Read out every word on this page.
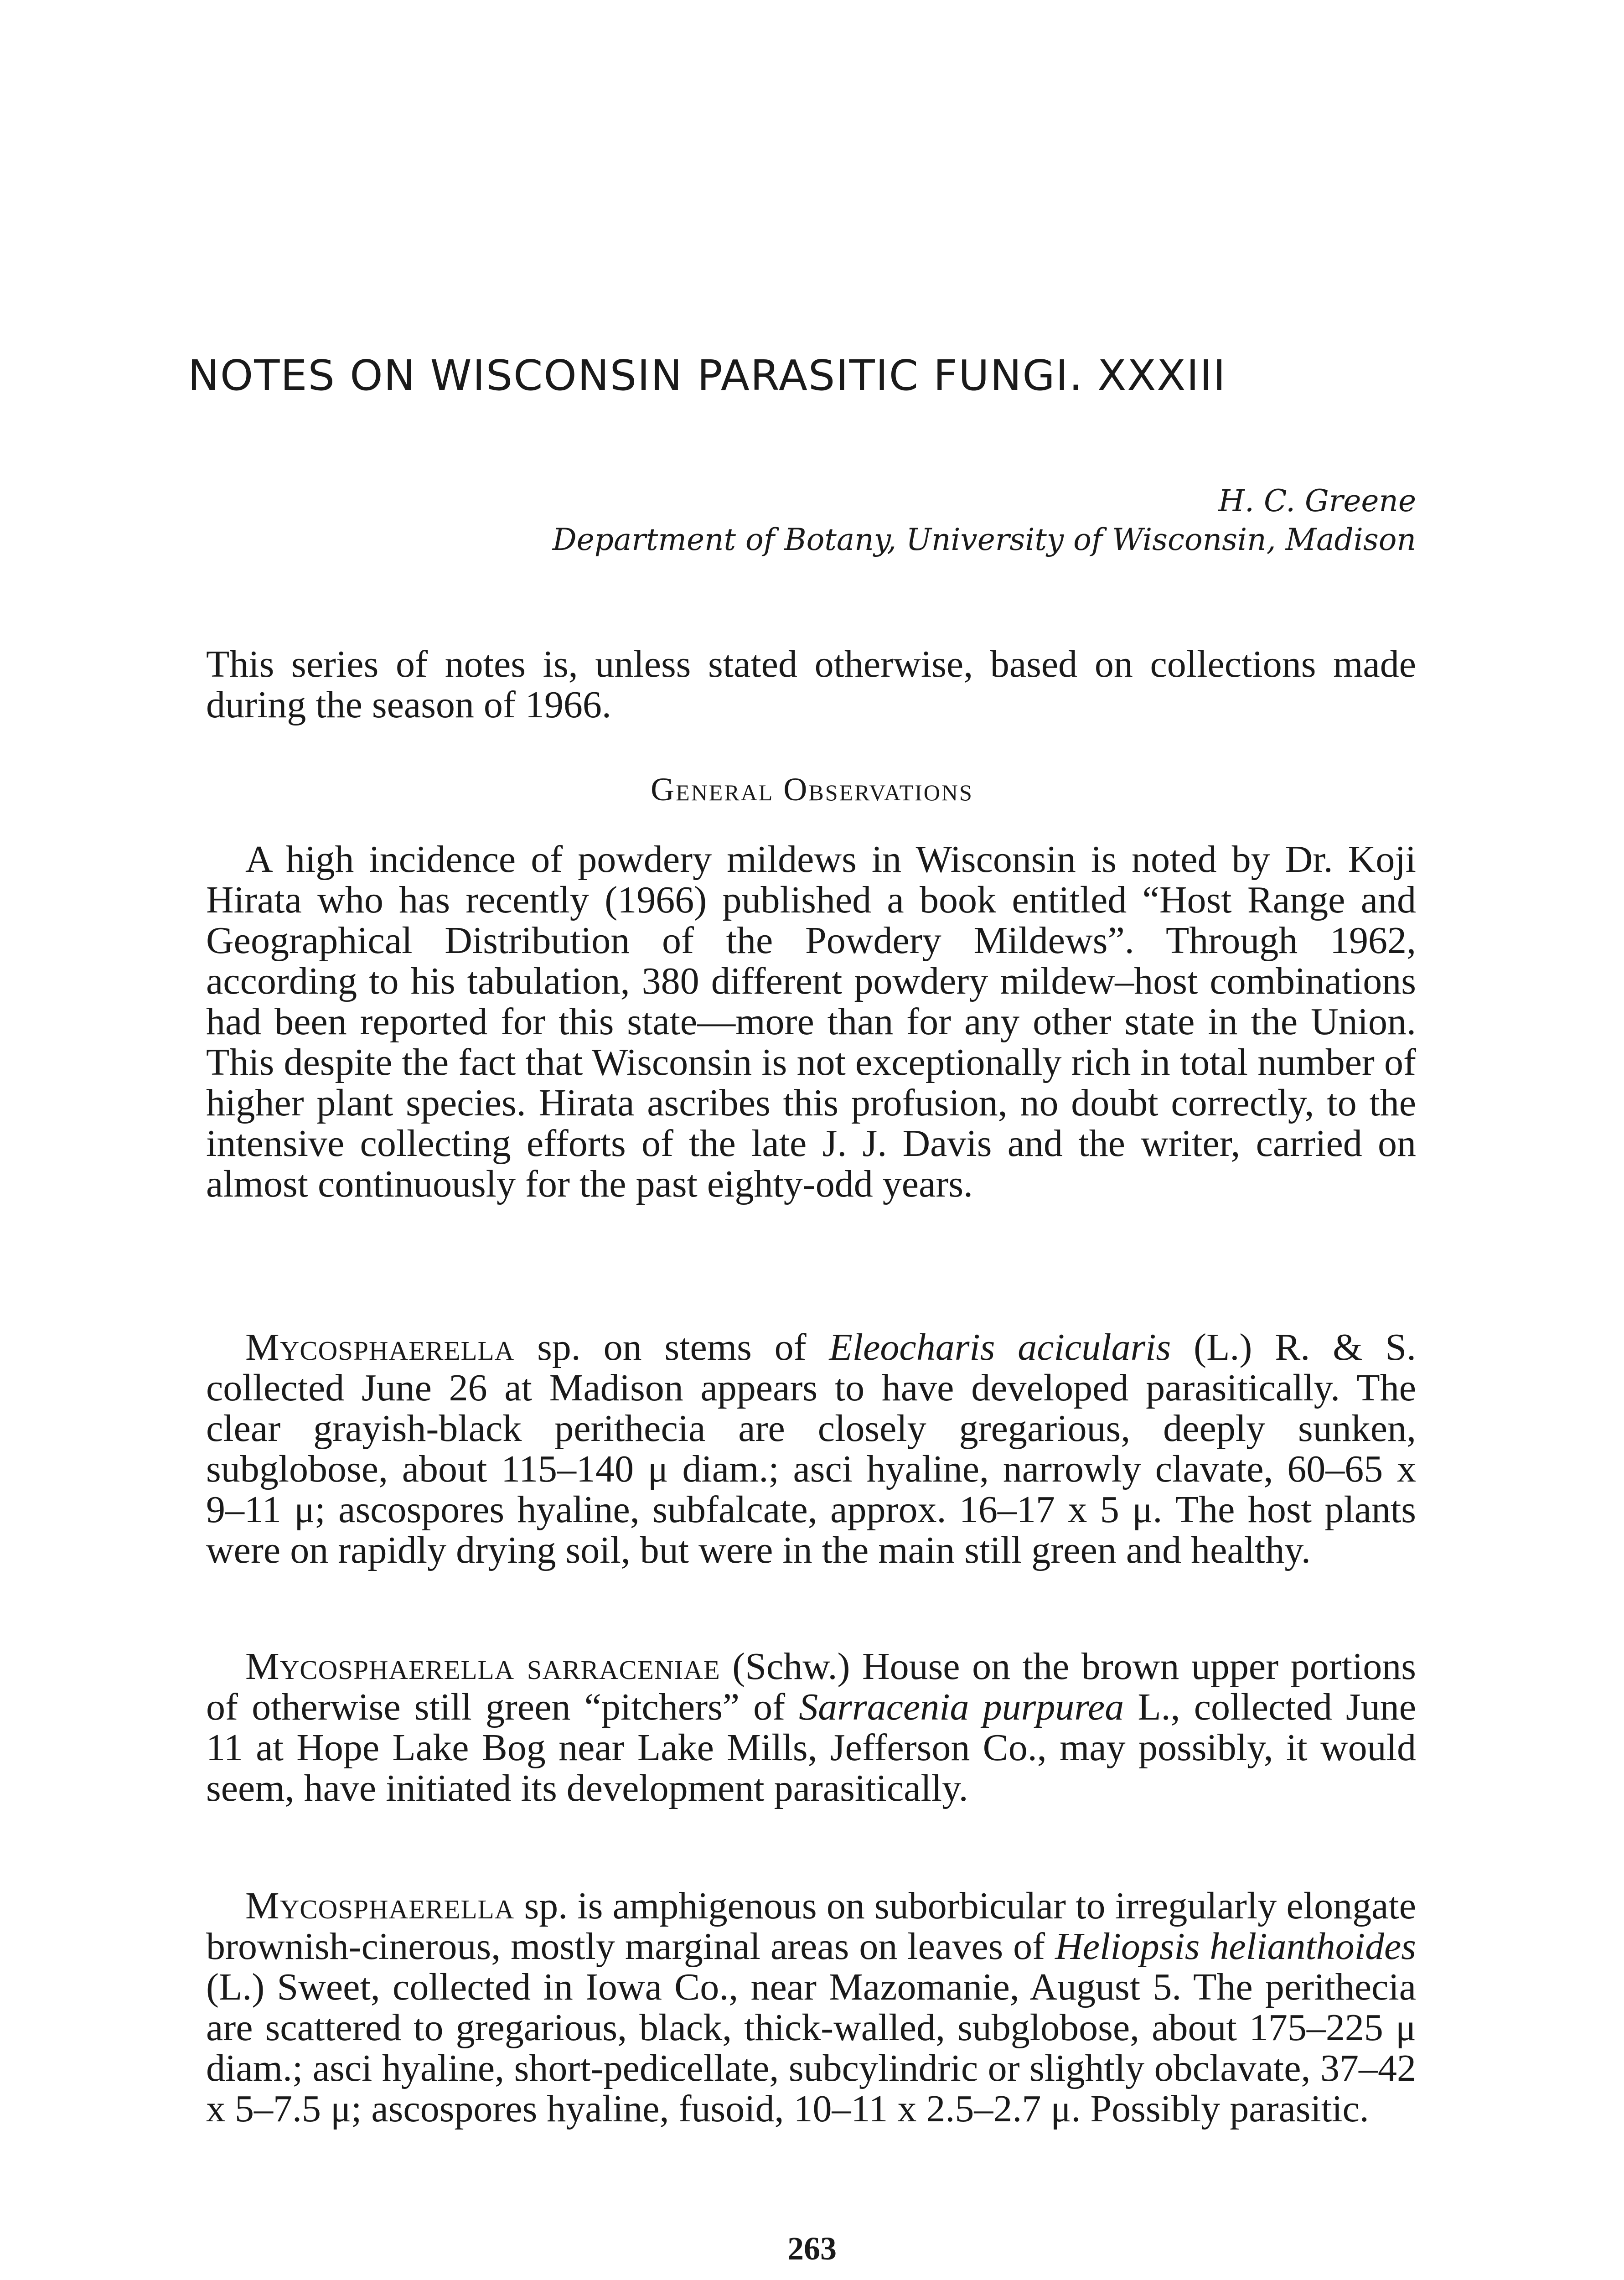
NOTES ON WISCONSIN PARASITIC FUNGI. XXXIII

H. C. Greene

Department of Botany, University of Wisconsin, Madison

This series of notes is, unless stated otherwise, based on collections made during the season of 1966.

General Observations

A high incidence of powdery mildews in Wisconsin is noted by Dr. Koji Hirata who has recently (1966) published a book entitled “Host Range and Geographical Distribution of the Powdery Mildews”. Through 1962, according to his tabulation, 380 different powdery mildew–host combinations had been reported for this state—more than for any other state in the Union. This despite the fact that Wisconsin is not exceptionally rich in total number of higher plant species. Hirata ascribes this profusion, no doubt correctly, to the intensive collecting efforts of the late J. J. Davis and the writer, carried on almost continuously for the past eighty-odd years.

Mycosphaerella sp. on stems of Eleocharis acicularis (L.) R. & S. collected June 26 at Madison appears to have developed parasitically. The clear grayish-black perithecia are closely gregarious, deeply sunken, subglobose, about 115–140 μ diam.; asci hyaline, narrowly clavate, 60–65 x 9–11 μ; ascospores hyaline, subfalcate, approx. 16–17 x 5 μ. The host plants were on rapidly drying soil, but were in the main still green and healthy.

Mycosphaerella sarraceniae (Schw.) House on the brown upper portions of otherwise still green “pitchers” of Sarracenia purpurea L., collected June 11 at Hope Lake Bog near Lake Mills, Jefferson Co., may possibly, it would seem, have initiated its development parasitically.

Mycosphaerella sp. is amphigenous on suborbicular to irregularly elongate brownish-cinerous, mostly marginal areas on leaves of Heliopsis helianthoides (L.) Sweet, collected in Iowa Co., near Mazomanie, August 5. The perithecia are scattered to gregarious, black, thick-walled, subglobose, about 175–225 μ diam.; asci hyaline, short-pedicellate, subcylindric or slightly obclavate, 37–42 x 5–7.5 μ; ascospores hyaline, fusoid, 10–11 x 2.5–2.7 μ. Possibly parasitic.

263
